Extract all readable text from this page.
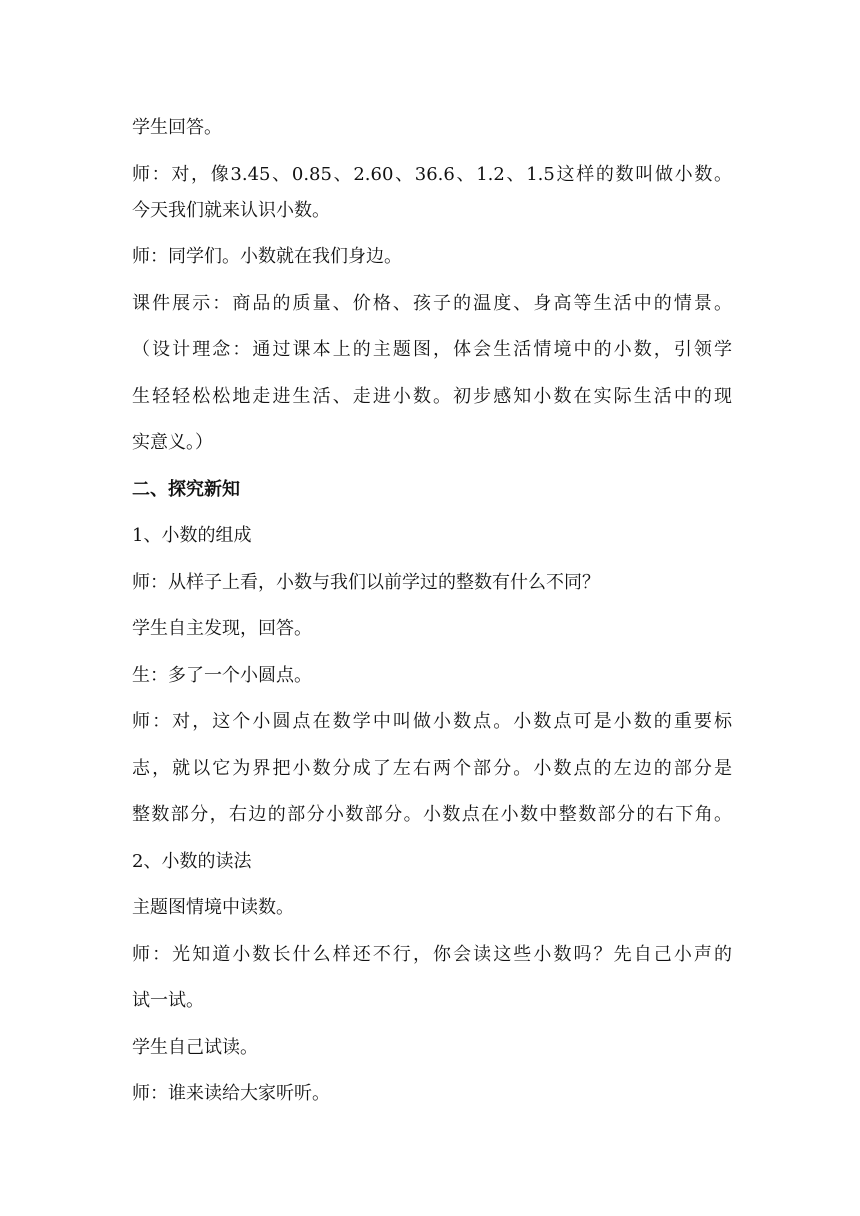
学生回答。

师：对，像3.45、0.85、2.60、36.6、1.2、1.5这样的数叫做小数。

今天我们就来认识小数。

师：同学们。小数就在我们身边。

课件展示：商品的质量、价格、孩子的温度、身高等生活中的情景。

（设计理念：通过课本上的主题图，体会生活情境中的小数，引领学

生轻轻松松地走进生活、走进小数。初步感知小数在实际生活中的现

实意义。）

二、探究新知

1、小数的组成

师：从样子上看，小数与我们以前学过的整数有什么不同？

学生自主发现，回答。

生：多了一个小圆点。

师：对，这个小圆点在数学中叫做小数点。小数点可是小数的重要标

志，就以它为界把小数分成了左右两个部分。小数点的左边的部分是

整数部分，右边的部分小数部分。小数点在小数中整数部分的右下角。

2、小数的读法

主题图情境中读数。

师：光知道小数长什么样还不行，你会读这些小数吗？先自己小声的

试一试。

学生自己试读。

师：谁来读给大家听听。
